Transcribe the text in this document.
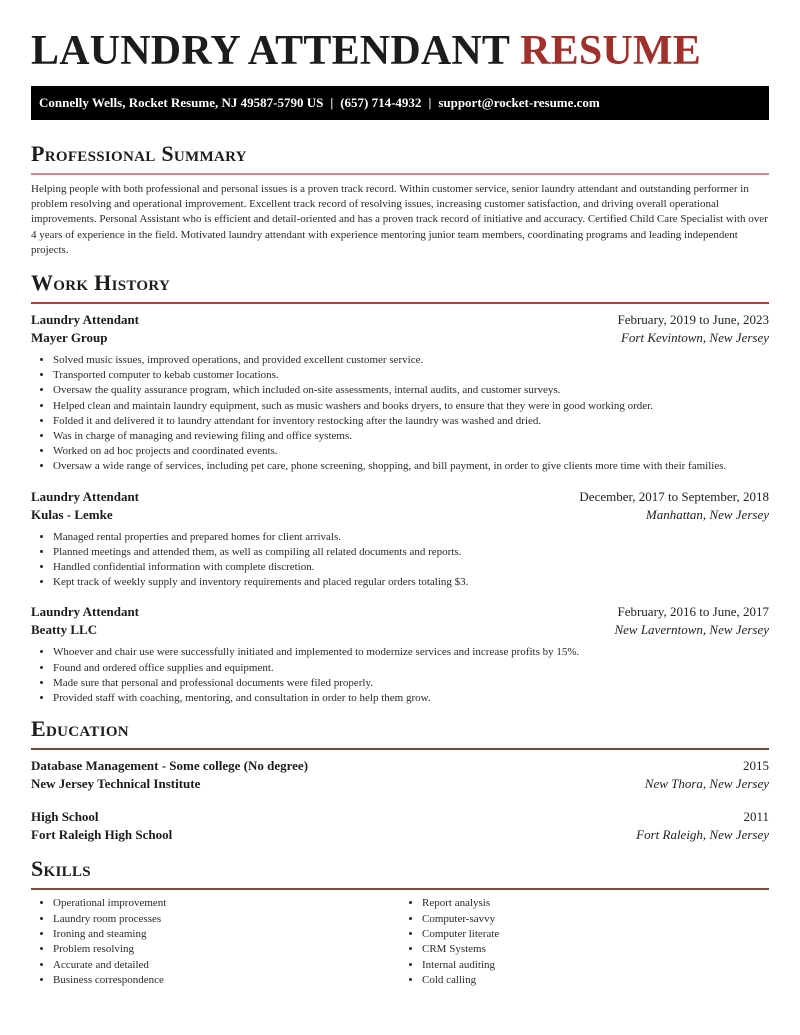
LAUNDRY ATTENDANT RESUME
Connelly Wells, Rocket Resume, NJ 49587-5790 US | (657) 714-4932 | support@rocket-resume.com
Professional Summary

Helping people with both professional and personal issues is a proven track record. Within customer service, senior laundry attendant and outstanding performer in problem resolving and operational improvement. Excellent track record of resolving issues, increasing customer satisfaction, and driving overall operational improvements. Personal Assistant who is efficient and detail-oriented and has a proven track record of initiative and accuracy. Certified Child Care Specialist with over 4 years of experience in the field. Motivated laundry attendant with experience mentoring junior team members, coordinating programs and leading independent projects.

Work History
Laundry Attendant	February, 2019 to June, 2023
Mayer Group	Fort Kevintown, New Jersey
• Solved music issues, improved operations, and provided excellent customer service.
• Transported computer to kebab customer locations.
• Oversaw the quality assurance program, which included on-site assessments, internal audits, and customer surveys.
• Helped clean and maintain laundry equipment, such as music washers and books dryers, to ensure that they were in good working order.
• Folded it and delivered it to laundry attendant for inventory restocking after the laundry was washed and dried.
• Was in charge of managing and reviewing filing and office systems.
• Worked on ad hoc projects and coordinated events.
• Oversaw a wide range of services, including pet care, phone screening, shopping, and bill payment, in order to give clients more time with their families.
Laundry Attendant	December, 2017 to September, 2018
Kulas - Lemke	Manhattan, New Jersey
• Managed rental properties and prepared homes for client arrivals.
• Planned meetings and attended them, as well as compiling all related documents and reports.
• Handled confidential information with complete discretion.
• Kept track of weekly supply and inventory requirements and placed regular orders totaling $3.
Laundry Attendant	February, 2016 to June, 2017
Beatty LLC	New Laverntown, New Jersey
• Whoever and chair use were successfully initiated and implemented to modernize services and increase profits by 15%.
• Found and ordered office supplies and equipment.
• Made sure that personal and professional documents were filed properly.
• Provided staff with coaching, mentoring, and consultation in order to help them grow.
Education
Database Management - Some college (No degree)	2015
New Jersey Technical Institute	New Thora, New Jersey
High School	2011
Fort Raleigh High School	Fort Raleigh, New Jersey
Skills
• Operational improvement
• Laundry room processes
• Ironing and steaming
• Problem resolving
• Accurate and detailed
• Business correspondence
• Report analysis
• Computer-savvy
• Computer literate
• CRM Systems
• Internal auditing
• Cold calling
